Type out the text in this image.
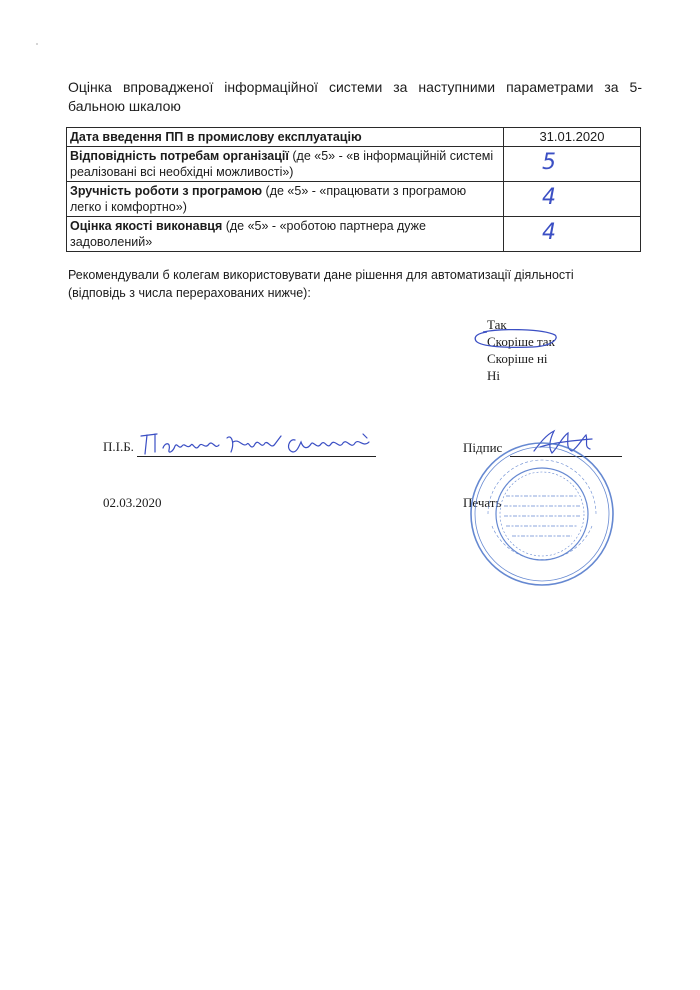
Оцінка впровадженої інформаційної системи за наступними параметрами за 5-бальною шкалою
Дата введення ПП в промислову експлуатацію	31.01.2020
Відповідність потребам організації (де «5» - «в інформаційній системі реалізовані всі необхідні можливості»)	5

Зручність роботи з програмою (де «5» - «працювати з програмою легко і комфортно»)	4

Оцінка якості виконавця (де «5» - «роботою партнера дуже задоволений»	4
Рекомендували б колегам використовувати дане рішення для автоматизації діяльності (відповідь з числа перерахованих нижче):
Так
Скоріше так
Скоріше ні
Ні
П.І.Б.	Підпис
02.03.2020	Печать
